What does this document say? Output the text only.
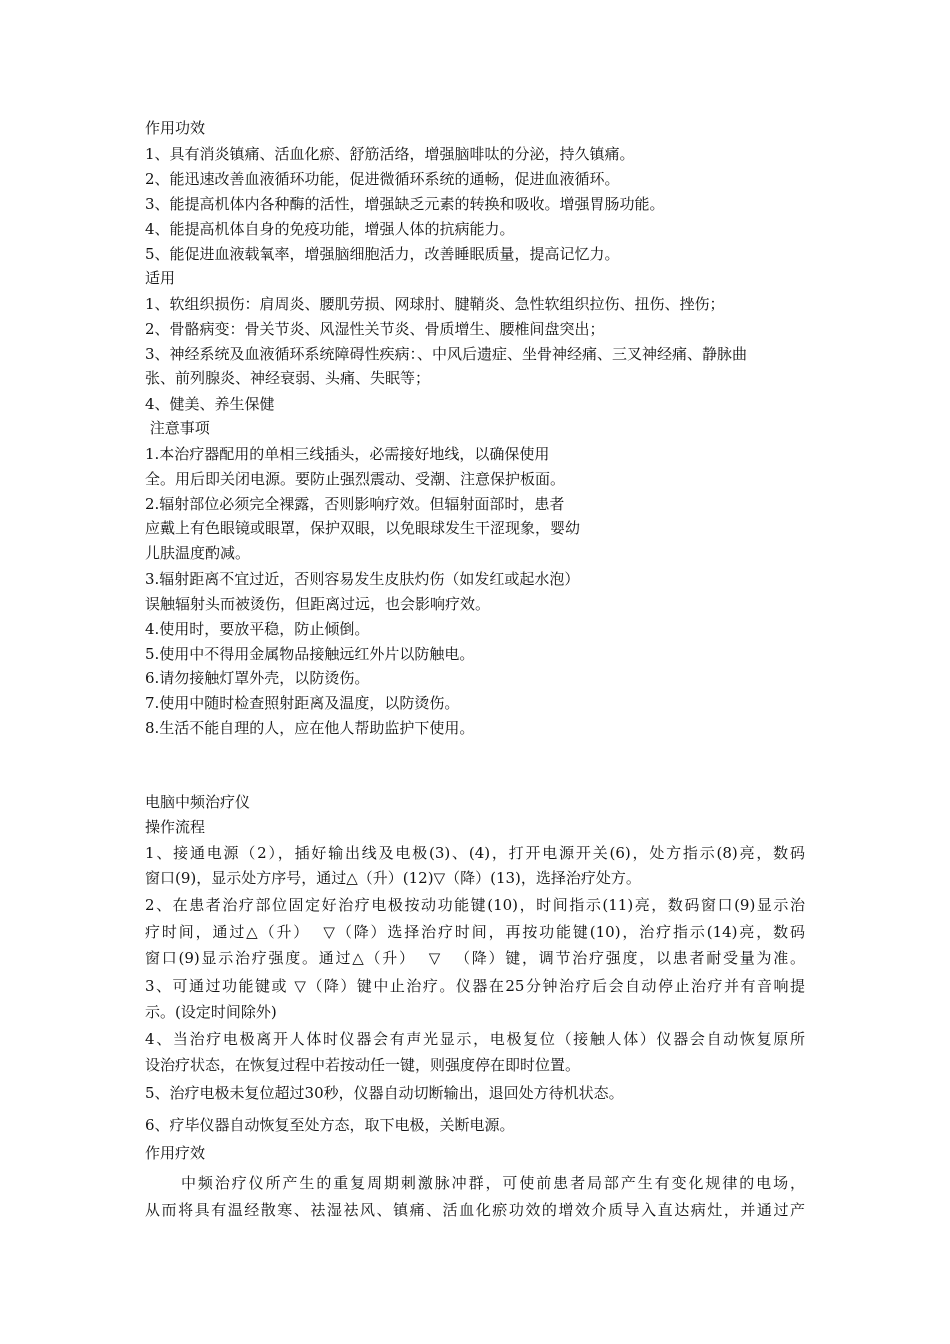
作用功效
1、具有消炎镇痛、活血化瘀、舒筋活络，增强脑啡呔的分泌，持久镇痛。
2、能迅速改善血液循环功能，促进微循环系统的通畅，促进血液循环。
3、能提高机体内各种酶的活性，增强缺乏元素的转换和吸收。增强胃肠功能。
4、能提高机体自身的免疫功能，增强人体的抗病能力。
5、能促进血液载氧率，增强脑细胞活力，改善睡眠质量，提高记忆力。
适用
1、软组织损伤：肩周炎、腰肌劳损、网球肘、腱鞘炎、急性软组织拉伤、扭伤、挫伤；
2、骨骼病变：骨关节炎、风湿性关节炎、骨质增生、腰椎间盘突出；
3、神经系统及血液循环系统障碍性疾病：、中风后遗症、坐骨神经痛、三叉神经痛、静脉曲
张、前列腺炎、神经衰弱、头痛、失眠等；
4、健美、养生保健
注意事项
1.本治疗器配用的单相三线插头，必需接好地线，以确保使用
全。用后即关闭电源。要防止强烈震动、受潮、注意保护板面。
2.辐射部位必须完全裸露，否则影响疗效。但辐射面部时，患者
应戴上有色眼镜或眼罩，保护双眼，以免眼球发生干涩现象，婴幼
儿肤温度酌减。
3.辐射距离不宜过近，否则容易发生皮肤灼伤（如发红或起水泡）
误触辐射头而被烫伤，但距离过远，也会影响疗效。
4.使用时，要放平稳，防止倾倒。
5.使用中不得用金属物品接触远红外片以防触电。
6.请勿接触灯罩外壳，以防烫伤。
7.使用中随时检查照射距离及温度，以防烫伤。
8.生活不能自理的人，应在他人帮助监护下使用。
电脑中频治疗仪
操作流程
1、接通电源（2），插好输出线及电极(3)、(4)，打开电源开关(6)，处方指示(8)亮，数码
窗口(9)，显示处方序号，通过△（升）(12)▽（降）(13)，选择治疗处方。
2、在患者治疗部位固定好治疗电极按动功能键(10)，时间指示(11)亮，数码窗口(9)显示治
疗时间，通过△（升）  ▽（降）选择治疗时间，再按功能键(10)，治疗指示(14)亮，数码
窗口(9)显示治疗强度。通过△（升）  ▽  （降）键，调节治疗强度，以患者耐受量为准。
3、可通过功能键或 ▽（降）键中止治疗。仪器在25分钟治疗后会自动停止治疗并有音响提
示。(设定时间除外)
4、当治疗电极离开人体时仪器会有声光显示，电极复位（接触人体）仪器会自动恢复原所
设治疗状态，在恢复过程中若按动任一键，则强度停在即时位置。
5、治疗电极未复位超过30秒，仪器自动切断输出，退回处方待机状态。
6、疗毕仪器自动恢复至处方态，取下电极，关断电源。
作用疗效
中频治疗仪所产生的重复周期刺激脉冲群，可使前患者局部产生有变化规律的电场，
从而将具有温经散寒、祛湿祛风、镇痛、活血化瘀功效的增效介质导入直达病灶，并通过产
